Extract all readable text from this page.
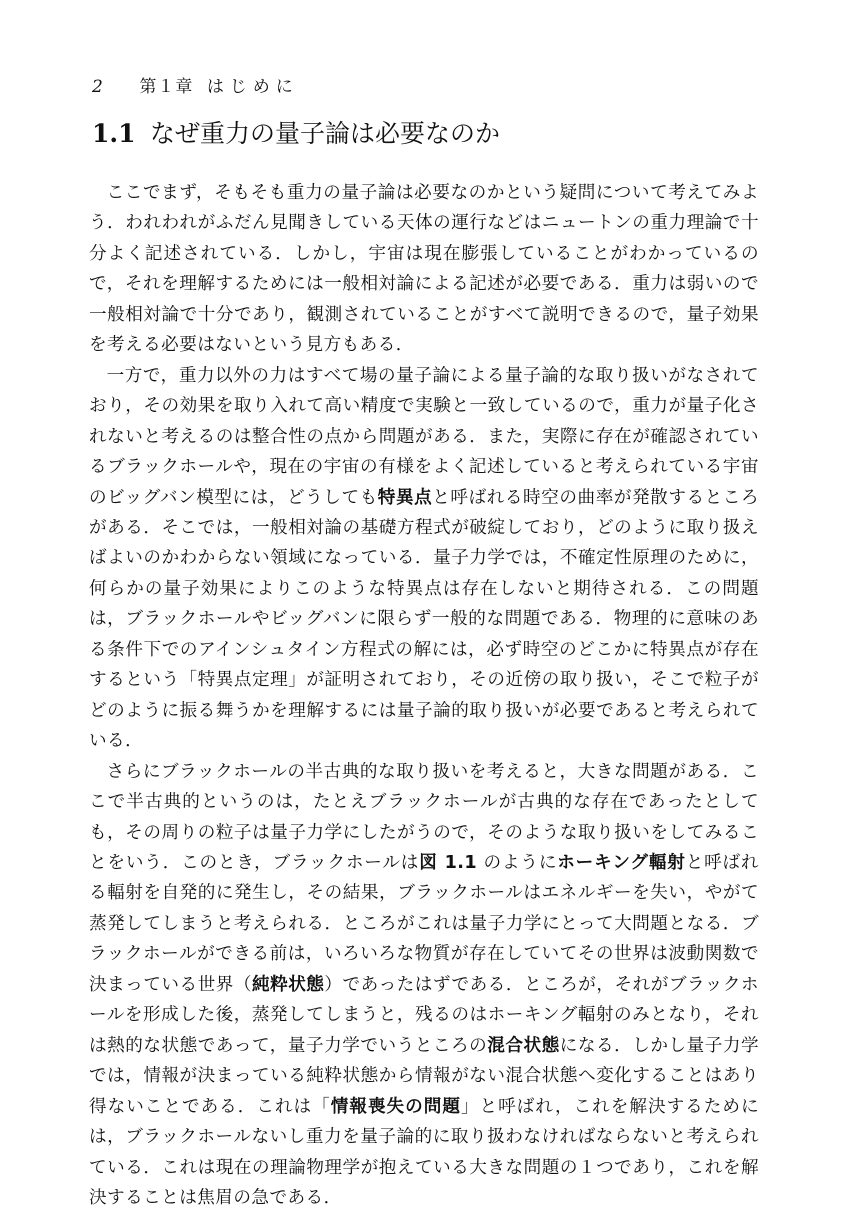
2 第１章 はじめに
1.1 なぜ重力の量子論は必要なのか

ここでまず，そもそも重力の量子論は必要なのかという疑問について考えてみよう．われわれがふだん見聞きしている天体の運行などはニュートンの重力理論で十分よく記述されている．しかし，宇宙は現在膨張していることがわかっているので，それを理解するためには一般相対論による記述が必要である．重力は弱いので一般相対論で十分であり，観測されていることがすべて説明できるので，量子効果を考える必要はないという見方もある．

一方で，重力以外の力はすべて場の量子論による量子論的な取り扱いがなされており，その効果を取り入れて高い精度で実験と一致しているので，重力が量子化されないと考えるのは整合性の点から問題がある．また，実際に存在が確認されているブラックホールや，現在の宇宙の有様をよく記述していると考えられている宇宙のビッグバン模型には，どうしても特異点と呼ばれる時空の曲率が発散するところがある．そこでは，一般相対論の基礎方程式が破綻しており，どのように取り扱えばよいのかわからない領域になっている．量子力学では，不確定性原理のために，何らかの量子効果によりこのような特異点は存在しないと期待される．この問題は，ブラックホールやビッグバンに限らず一般的な問題である．物理的に意味のある条件下でのアインシュタイン方程式の解には，必ず時空のどこかに特異点が存在するという「特異点定理」が証明されており，その近傍の取り扱い，そこで粒子がどのように振る舞うかを理解するには量子論的取り扱いが必要であると考えられている．

さらにブラックホールの半古典的な取り扱いを考えると，大きな問題がある．ここで半古典的というのは，たとえブラックホールが古典的な存在であったとしても，その周りの粒子は量子力学にしたがうので，そのような取り扱いをしてみることをいう．このとき，ブラックホールは図 1.1 のようにホーキング輻射と呼ばれる輻射を自発的に発生し，その結果，ブラックホールはエネルギーを失い，やがて蒸発してしまうと考えられる．ところがこれは量子力学にとって大問題となる．ブラックホールができる前は，いろいろな物質が存在していてその世界は波動関数で決まっている世界（純粋状態）であったはずである．ところが，それがブラックホールを形成した後，蒸発してしまうと，残るのはホーキング輻射のみとなり，それは熱的な状態であって，量子力学でいうところの混合状態になる．しかし量子力学では，情報が決まっている純粋状態から情報がない混合状態へ変化することはあり得ないことである．これは「情報喪失の問題」と呼ばれ，これを解決するためには，ブラックホールないし重力を量子論的に取り扱わなければならないと考えられている．これは現在の理論物理学が抱えている大きな問題の１つであり，これを解決することは焦眉の急である．
